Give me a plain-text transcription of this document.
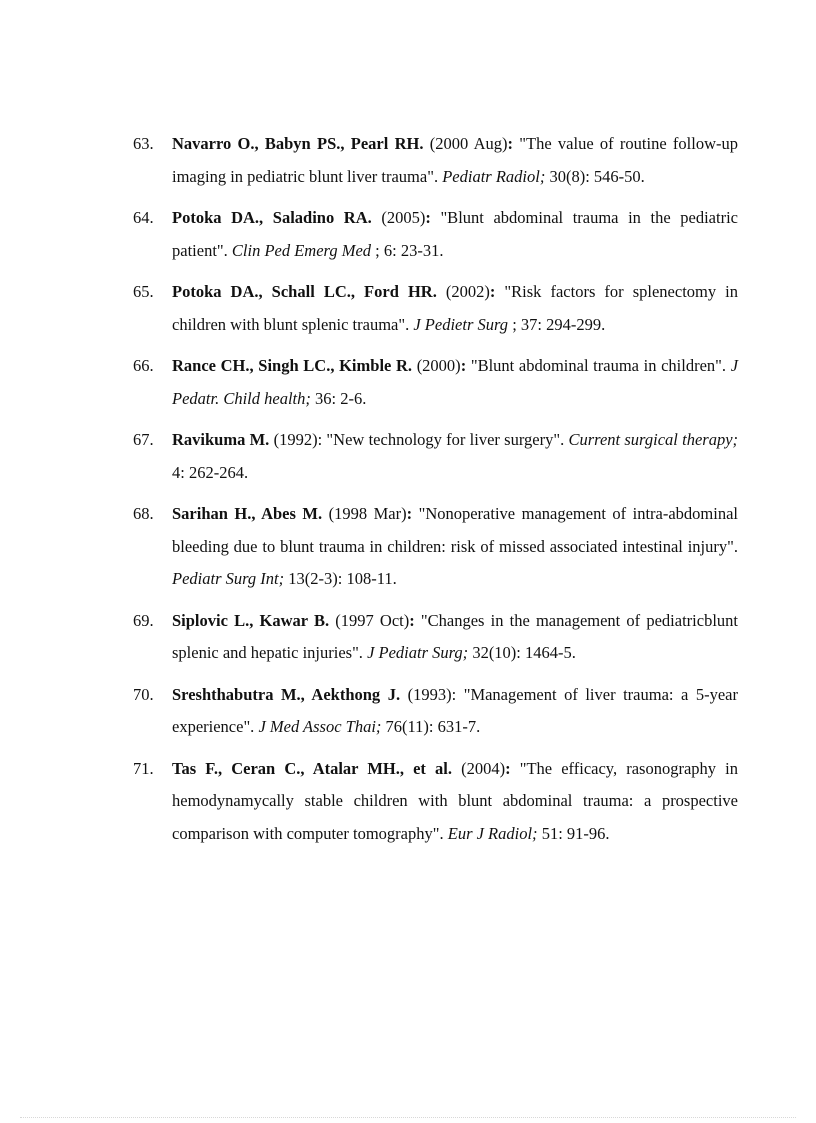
63.	Navarro O., Babyn PS., Pearl RH. (2000 Aug): "The value of routine follow-up imaging in pediatric blunt liver trauma". Pediatr Radiol; 30(8): 546-50.
64.	Potoka DA., Saladino RA. (2005): "Blunt abdominal trauma in the pediatric patient". Clin Ped Emerg Med ; 6: 23-31.
65.	Potoka DA., Schall LC., Ford HR. (2002): "Risk factors for splenectomy in children with blunt splenic trauma". J Pedietr Surg ; 37: 294-299.
66.	Rance CH., Singh LC., Kimble R. (2000): "Blunt abdominal trauma in children". J Pedatr. Child health; 36: 2-6.
67.	Ravikuma M. (1992): "New technology for liver surgery". Current surgical therapy; 4: 262-264.
68.	Sarihan H., Abes M. (1998 Mar): "Nonoperative management of intra-abdominal bleeding due to blunt trauma in children: risk of missed associated intestinal injury". Pediatr Surg Int; 13(2-3): 108-11.
69.	Siplovic L., Kawar B. (1997 Oct): "Changes in the management of pediatricblunt splenic and hepatic injuries". J Pediatr Surg; 32(10): 1464-5.
70.	Sreshthabutra M., Aekthong J. (1993): "Management of liver trauma: a 5-year experience". J Med Assoc Thai; 76(11): 631-7.
71.	Tas F., Ceran C., Atalar MH., et al. (2004): "The efficacy, rasonography in hemodynamycally stable children with blunt abdominal trauma: a prospective comparison with computer tomography". Eur J Radiol; 51: 91-96.
